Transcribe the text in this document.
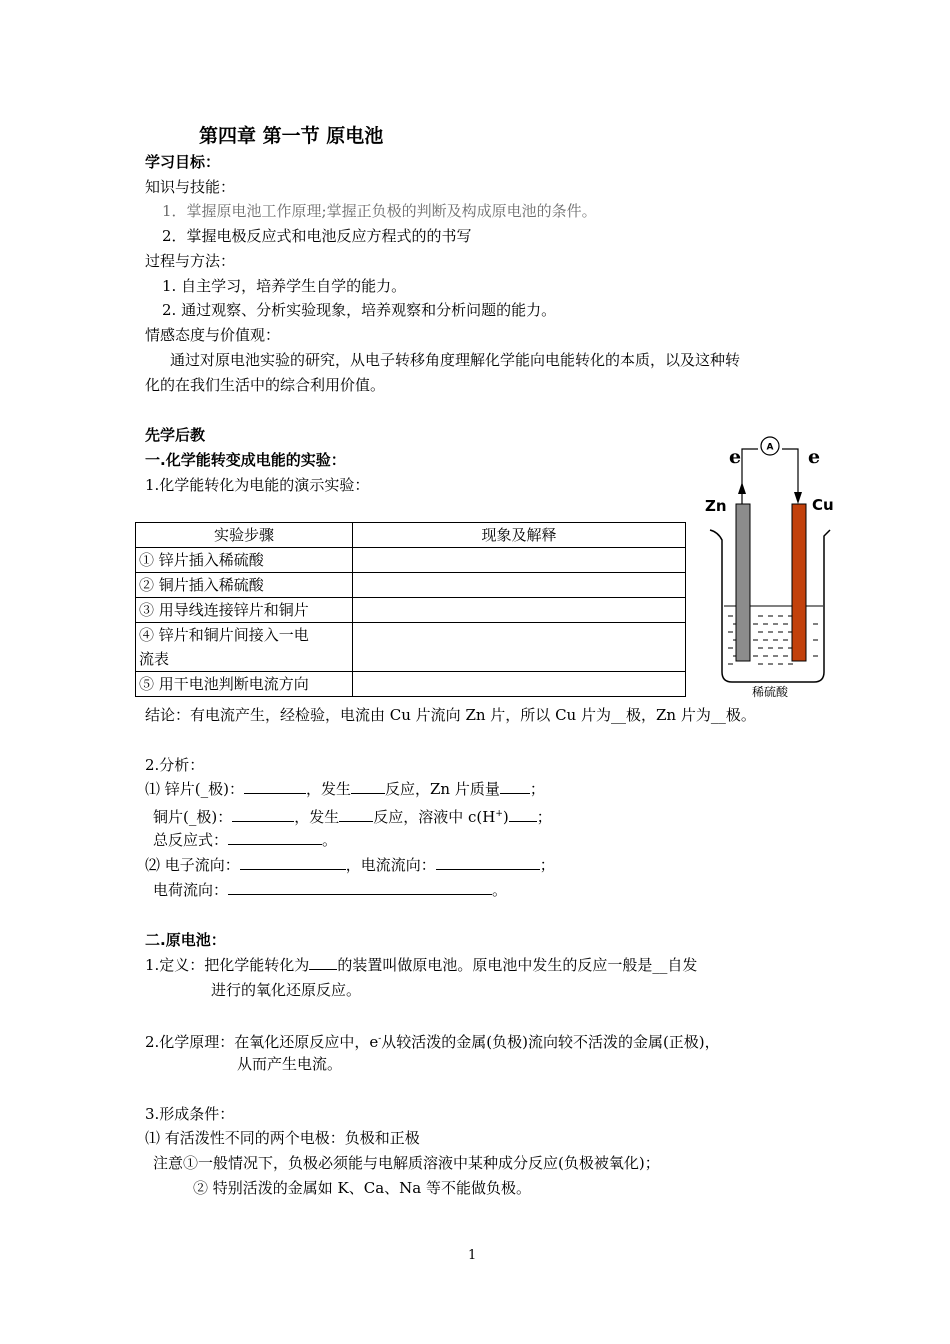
第四章 第一节 原电池
学习目标：
知识与技能：
1．掌握原电池工作原理;掌握正负极的判断及构成原电池的条件。
2．掌握电极反应式和电池反应方程式的的书写
过程与方法：
1. 自主学习，培养学生自学的能力。
2. 通过观察、分析实验现象，培养观察和分析问题的能力。
情感态度与价值观：
通过对原电池实验的研究，从电子转移角度理解化学能向电能转化的本质，以及这种转
化的在我们生活中的综合利用价值。
先学后教
一.化学能转变成电能的实验：
1.化学能转化为电能的演示实验：
实验步骤	现象及解释
① 锌片插入稀硫酸	
② 铜片插入稀硫酸	
③ 用导线连接锌片和铜片	
④ 锌片和铜片间接入一电
流表	
⑤ 用干电池判断电流方向	
结论：有电流产生，经检验，电流由 Cu 片流向 Zn 片，所以 Cu 片为__极，Zn 片为__极。
A
e	e
Zn	Cu
稀硫酸
2.分析：
⑴ 锌片(_极)：	，发生 反应，Zn 片质量 ；
铜片(_极)：	，发生 反应，溶液中 c(H+) ；
总反应式：	。
⑵ 电子流向：	，电流流向：	；
电荷流向：	。
二.原电池：
1.定义：把化学能转化为 的装置叫做原电池。原电池中发生的反应一般是__自发
进行的氧化还原反应。
2.化学原理：在氧化还原反应中，e-从较活泼的金属(负极)流向较不活泼的金属(正极)，
从而产生电流。
3.形成条件：
⑴ 有活泼性不同的两个电极：负极和正极
注意①一般情况下，负极必须能与电解质溶液中某种成分反应(负极被氧化)；
② 特别活泼的金属如 K、Ca、Na 等不能做负极。
1
